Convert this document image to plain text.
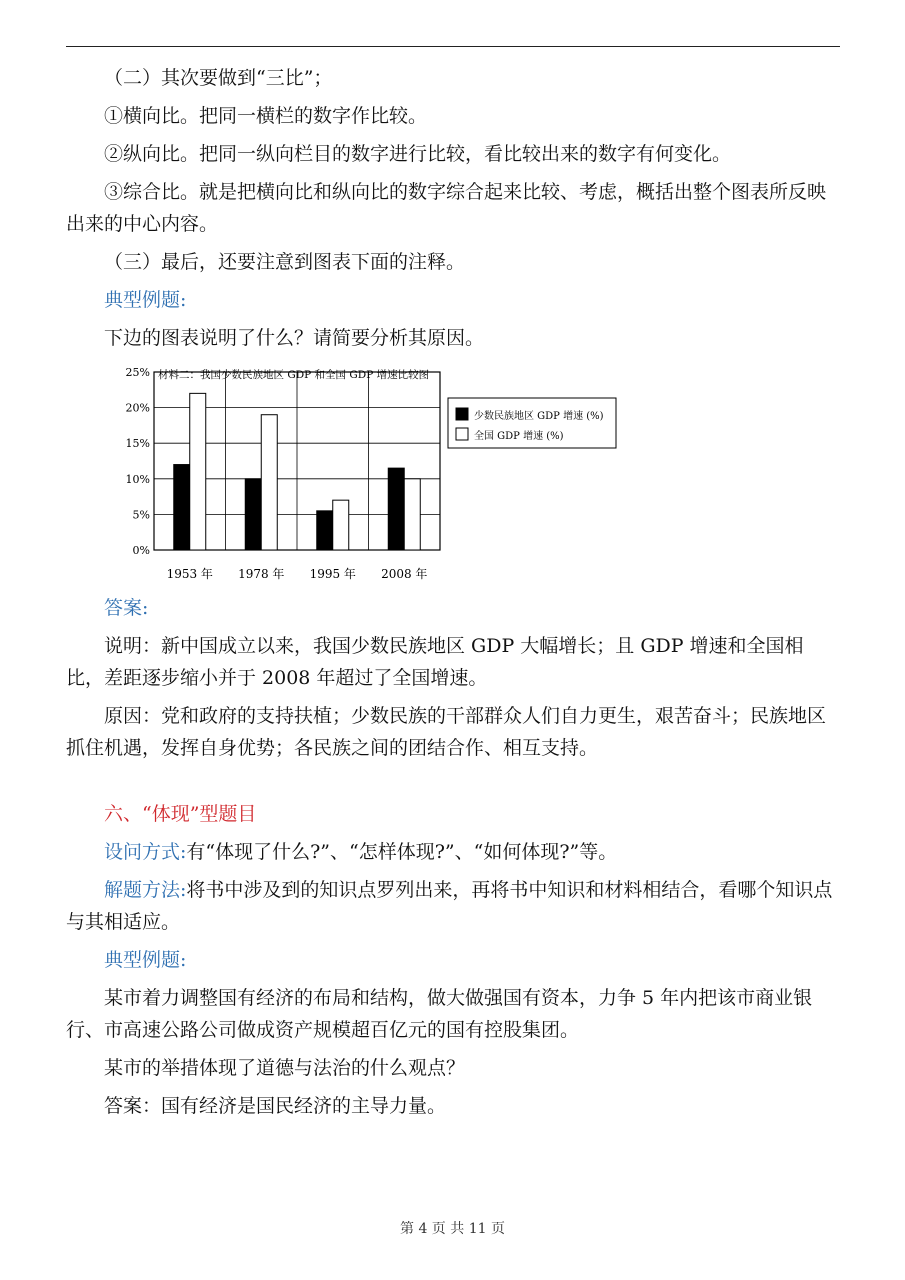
（二）其次要做到“三比”；

①横向比。把同一横栏的数字作比较。

②纵向比。把同一纵向栏目的数字进行比较，看比较出来的数字有何变化。

③综合比。就是把横向比和纵向比的数字综合起来比较、考虑，概括出整个图表所反映出来的中心内容。

（三）最后，还要注意到图表下面的注释。

典型例题:

下边的图表说明了什么？请简要分析其原因。

0%
5%
10%
15%
20%
25%
1953 年 1978 年 1995 年 2008 年
材料二：我国少数民族地区 GDP 和全国 GDP 增速比较图
少数民族地区 GDP 增速 (%)
全国 GDP 增速 (%)

答案:

说明：新中国成立以来，我国少数民族地区 GDP 大幅增长；且 GDP 增速和全国相比，差距逐步缩小并于 2008 年超过了全国增速。

原因：党和政府的支持扶植；少数民族的干部群众人们自力更生，艰苦奋斗；民族地区抓住机遇，发挥自身优势；各民族之间的团结合作、相互支持。

六、“体现”型题目

设问方式:有“体现了什么?”、“怎样体现?”、“如何体现?”等。

解题方法:将书中涉及到的知识点罗列出来，再将书中知识和材料相结合，看哪个知识点与其相适应。

典型例题:

某市着力调整国有经济的布局和结构，做大做强国有资本，力争 5 年内把该市商业银行、市高速公路公司做成资产规模超百亿元的国有控股集团。

某市的举措体现了道德与法治的什么观点？

答案：国有经济是国民经济的主导力量。

第 4 页 共 11 页
